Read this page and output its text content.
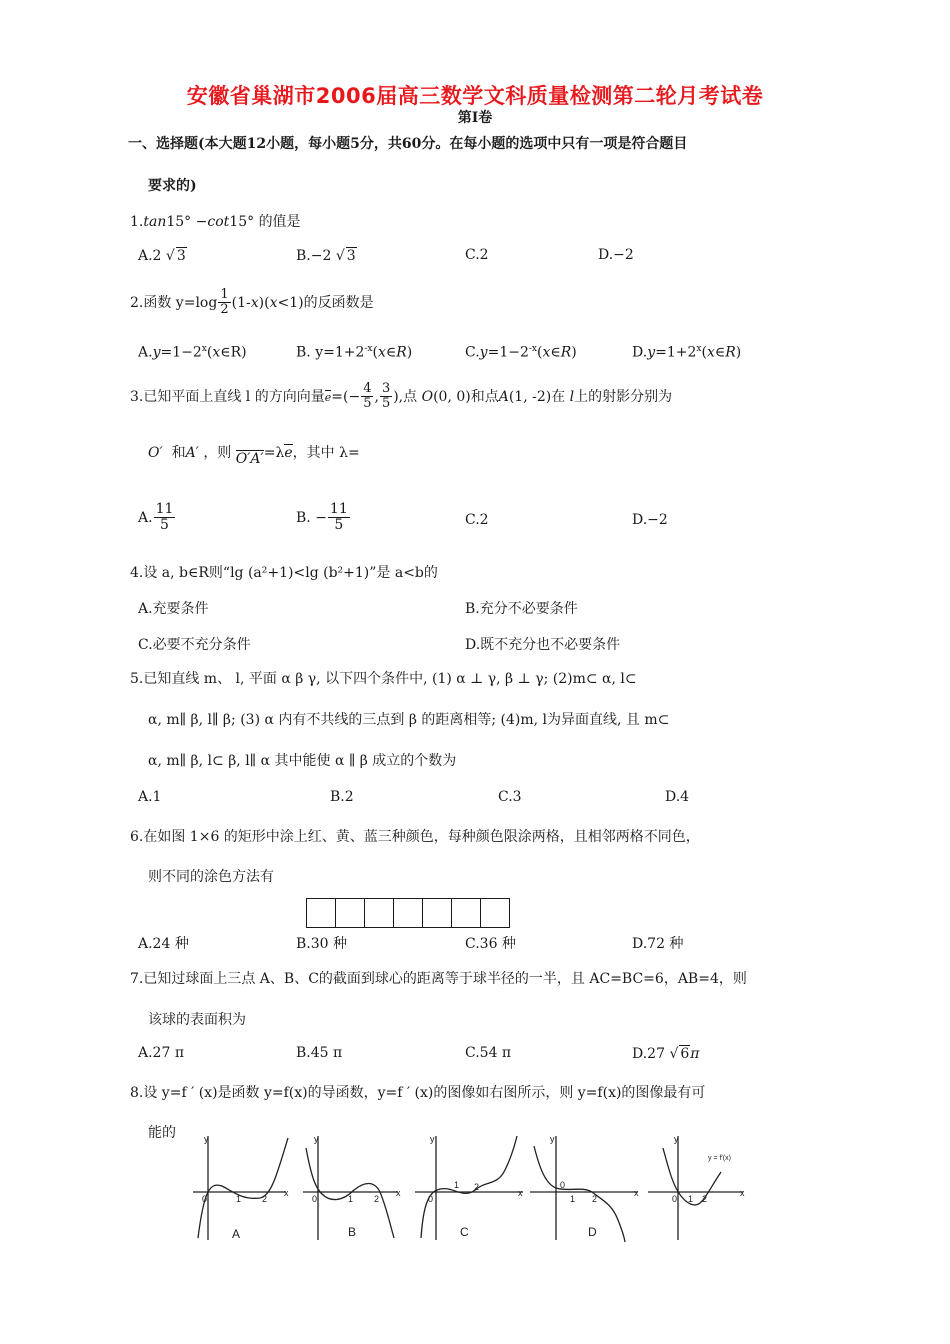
安徽省巢湖市2006届高三数学文科质量检测第二轮月考试卷
第Ⅰ卷
一、选择题(本大题12小题，每小题5分，共60分。在每小题的选项中只有一项是符合题目
要求的)
1.tan15° −cot15° 的值是
A.2 √ 3	B.−2 √ 3	C.2	D.−2
2.函数 $y=\log \frac{1}{2} (1-x)(x<1)$的反函数是
$A.y=1-2^x(x\in R)$	B. $y=1+2^{-x}(x\in R)$	$C.y=1-2^{-x}(x\in R)$	$D.y=1+2^x(x\in R)$
3.已知平面上直线 l 的方向向量$e=(- \frac{4}{5}$ , $\frac{3}{5}$ ),点 O(0, 0)和点A(1, -2)在 l上的射影分别为
O′ 和A′ ，则 O′A′=λe，其中 λ=
A. $\frac{11}{5}$	B. − $\frac{11}{5}$	C.2	D.−2
4.设 a, b∈R则“lg (a²+1)<lg (b²+1)”是 a<b的
A.充要条件	B.充分不必要条件
C.必要不充分条件	D.既不充分也不必要条件
5.已知直线 m、 l, 平面 α β γ, 以下四个条件中, (1) α ⊥ γ, β ⊥ γ; (2)m⊂ α, l⊂
α, m∥ β, l∥ β; (3) α 内有不共线的三点到 β 的距离相等; (4)m, l为异面直线, 且 m⊂
α, m∥ β, l⊂ β, l∥ α 其中能使 α ∥ β 成立的个数为
A.1	B.2	C.3	D.4
6.在如图 1×6 的矩形中涂上红、黄、蓝三种颜色，每种颜色限涂两格，且相邻两格不同色，
则不同的涂色方法有
A.24 种	B.30 种	C.36 种	D.72 种
7.已知过球面上三点 A、B、C的截面到球心的距离等于球半径的一半，且 AC=BC=6，AB=4，则
该球的表面积为
A.27 π	B.45 π	C.54 π	D.27 √ 6π
8.设 y=f ′ (x)是函数 y=f(x)的导函数，y=f ′ (x)的图像如右图所示，则 y=f(x)的图像最有可
能的	y
x
0	1 2
A
y
x
0	1 2
B
y
x
0
1 2
C
y
x
0
1 2
D
y
x
0 1 2
y = f′(x)
